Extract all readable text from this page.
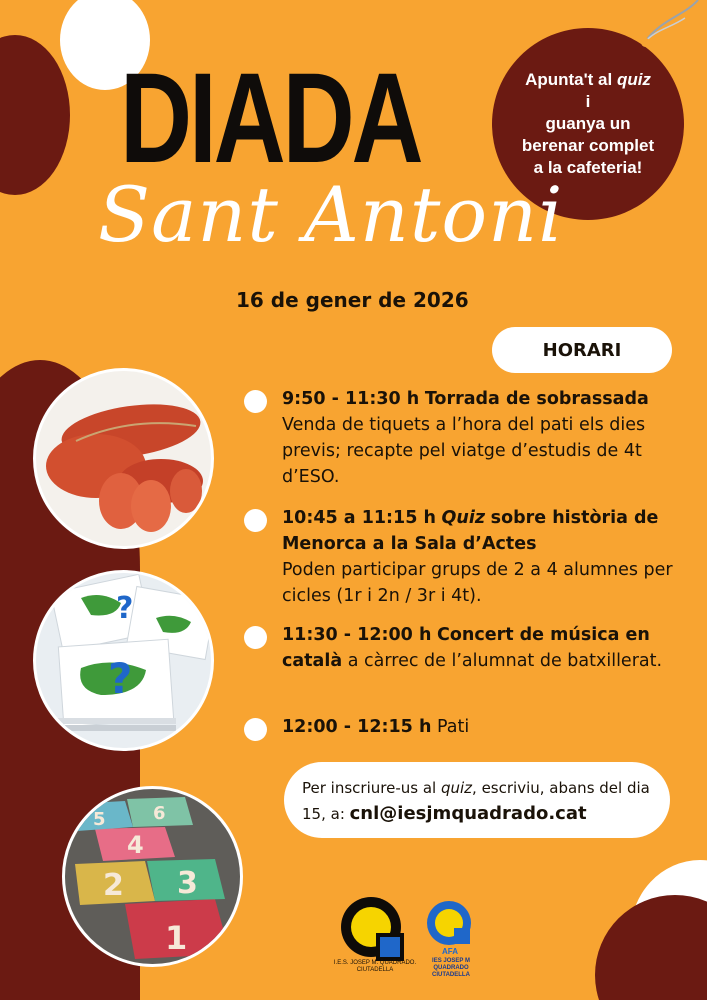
Apunta't al quiz i
guanya un
berenar complet
a la cafeteria!
DIADA
Sant Antoni
16 de gener de 2026
HORARI
?
?
1
2 3
4
5	6
9:50 - 11:30 h Torrada de sobrassada
Venda de tiquets a l’hora del pati els dies previs; recapte pel viatge d’estudis de 4t d’ESO.
10:45 a 11:15 h Quiz sobre història de Menorca a la Sala d’Actes
Poden participar grups de 2 a 4 alumnes per cicles (1r i 2n / 3r i 4t).
11:30 - 12:00 h Concert de música en català a càrrec de l’alumnat de batxillerat.
12:00 - 12:15 h Pati
Per inscriure-us al quiz, escriviu, abans del dia 15, a: cnl@iesjmquadrado.cat
I.E.S. JOSEP M. QUADRADO. CIUTADELLA
AFA
IES JOSEP M QUADRADO CIUTADELLA
